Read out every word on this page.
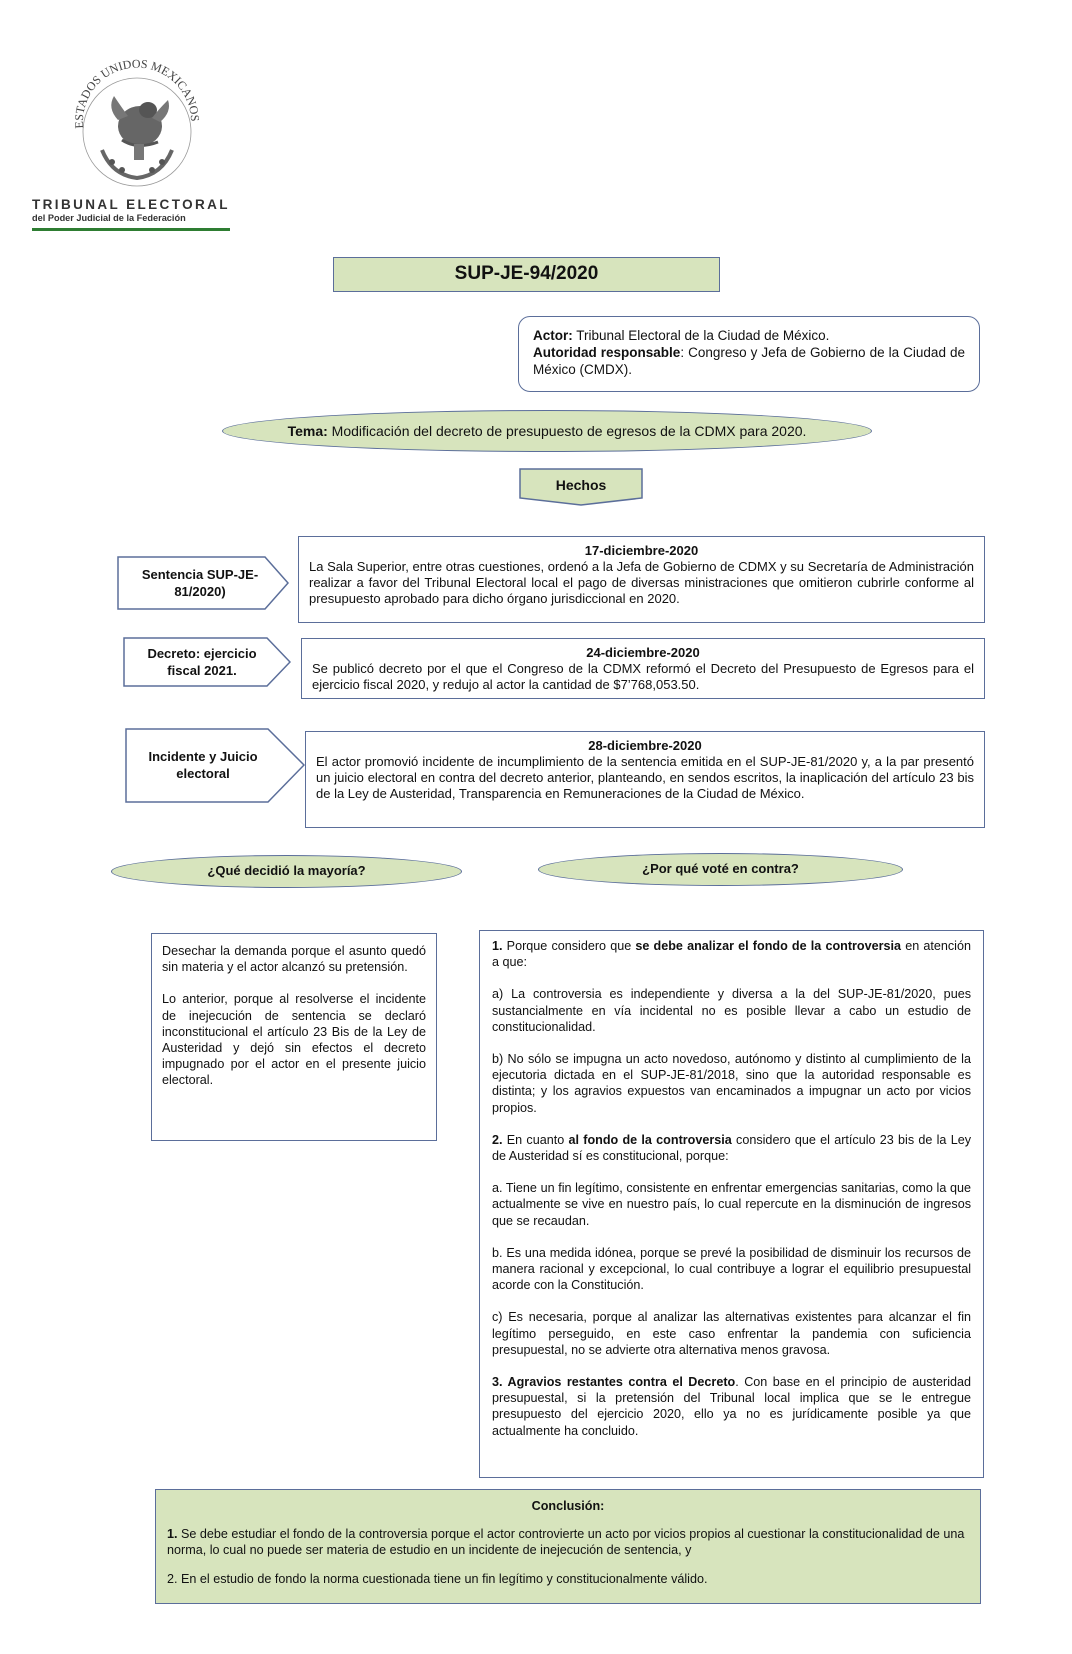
ESTADOS UNIDOS MEXICANOS
TRIBUNAL ELECTORAL
del Poder Judicial de la Federación
SUP-JE-94/2020
Actor: Tribunal Electoral de la Ciudad de México.
Autoridad responsable: Congreso y Jefa de Gobierno de la Ciudad de México (CMDX).
Tema: Modificación del decreto de presupuesto de egresos de la CDMX para 2020.
Hechos
Sentencia SUP-JE-81/2020)
17-diciembre-2020
La Sala Superior, entre otras cuestiones, ordenó a la Jefa de Gobierno de CDMX y su Secretaría de Administración realizar a favor del Tribunal Electoral local el pago de diversas ministraciones que omitieron cubrirle conforme al presupuesto aprobado para dicho órgano jurisdiccional en 2020.
Decreto: ejercicio fiscal 2021.
24-diciembre-2020
Se publicó decreto por el que el Congreso de la CDMX reformó el Decreto del Presupuesto de Egresos para el ejercicio fiscal 2020, y redujo al actor la cantidad de $7’768,053.50.
Incidente y Juicio electoral
28-diciembre-2020
El actor promovió incidente de incumplimiento de la sentencia emitida en el SUP-JE-81/2020 y, a la par presentó un juicio electoral en contra del decreto anterior, planteando, en sendos escritos, la inaplicación del artículo 23 bis de la Ley de Austeridad, Transparencia en Remuneraciones de la Ciudad de México.
¿Qué decidió la mayoría?	¿Por qué voté en contra?

Desechar la demanda porque el asunto quedó sin materia y el actor alcanzó su pretensión.

Lo anterior, porque al resolverse el incidente de inejecución de sentencia se declaró inconstitucional el artículo 23 Bis de la Ley de Austeridad y dejó sin efectos el decreto impugnado por el actor en el presente juicio electoral.

1. Porque considero que se debe analizar el fondo de la controversia en atención a que:

a) La controversia es independiente y diversa a la del SUP-JE-81/2020, pues sustancialmente en vía incidental no es posible llevar a cabo un estudio de constitucionalidad.

b) No sólo se impugna un acto novedoso, autónomo y distinto al cumplimiento de la ejecutoria dictada en el SUP-JE-81/2018, sino que la autoridad responsable es distinta; y los agravios expuestos van encaminados a impugnar un acto por vicios propios.

2. En cuanto al fondo de la controversia considero que el artículo 23 bis de la Ley de Austeridad sí es constitucional, porque:

a. Tiene un fin legítimo, consistente en enfrentar emergencias sanitarias, como la que actualmente se vive en nuestro país, lo cual repercute en la disminución de ingresos que se recaudan.

b. Es una medida idónea, porque se prevé la posibilidad de disminuir los recursos de manera racional y excepcional, lo cual contribuye a lograr el equilibrio presupuestal acorde con la Constitución.

c) Es necesaria, porque al analizar las alternativas existentes para alcanzar el fin legítimo perseguido, en este caso enfrentar la pandemia con suficiencia presupuestal, no se advierte otra alternativa menos gravosa.

3. Agravios restantes contra el Decreto. Con base en el principio de austeridad presupuestal, si la pretensión del Tribunal local implica que se le entregue presupuesto del ejercicio 2020, ello ya no es jurídicamente posible ya que actualmente ha concluido.

Conclusión:

1. Se debe estudiar el fondo de la controversia porque el actor controvierte un acto por vicios propios al cuestionar la constitucionalidad de una norma, lo cual no puede ser materia de estudio en un incidente de inejecución de sentencia, y

2. En el estudio de fondo la norma cuestionada tiene un fin legítimo y constitucionalmente válido.
